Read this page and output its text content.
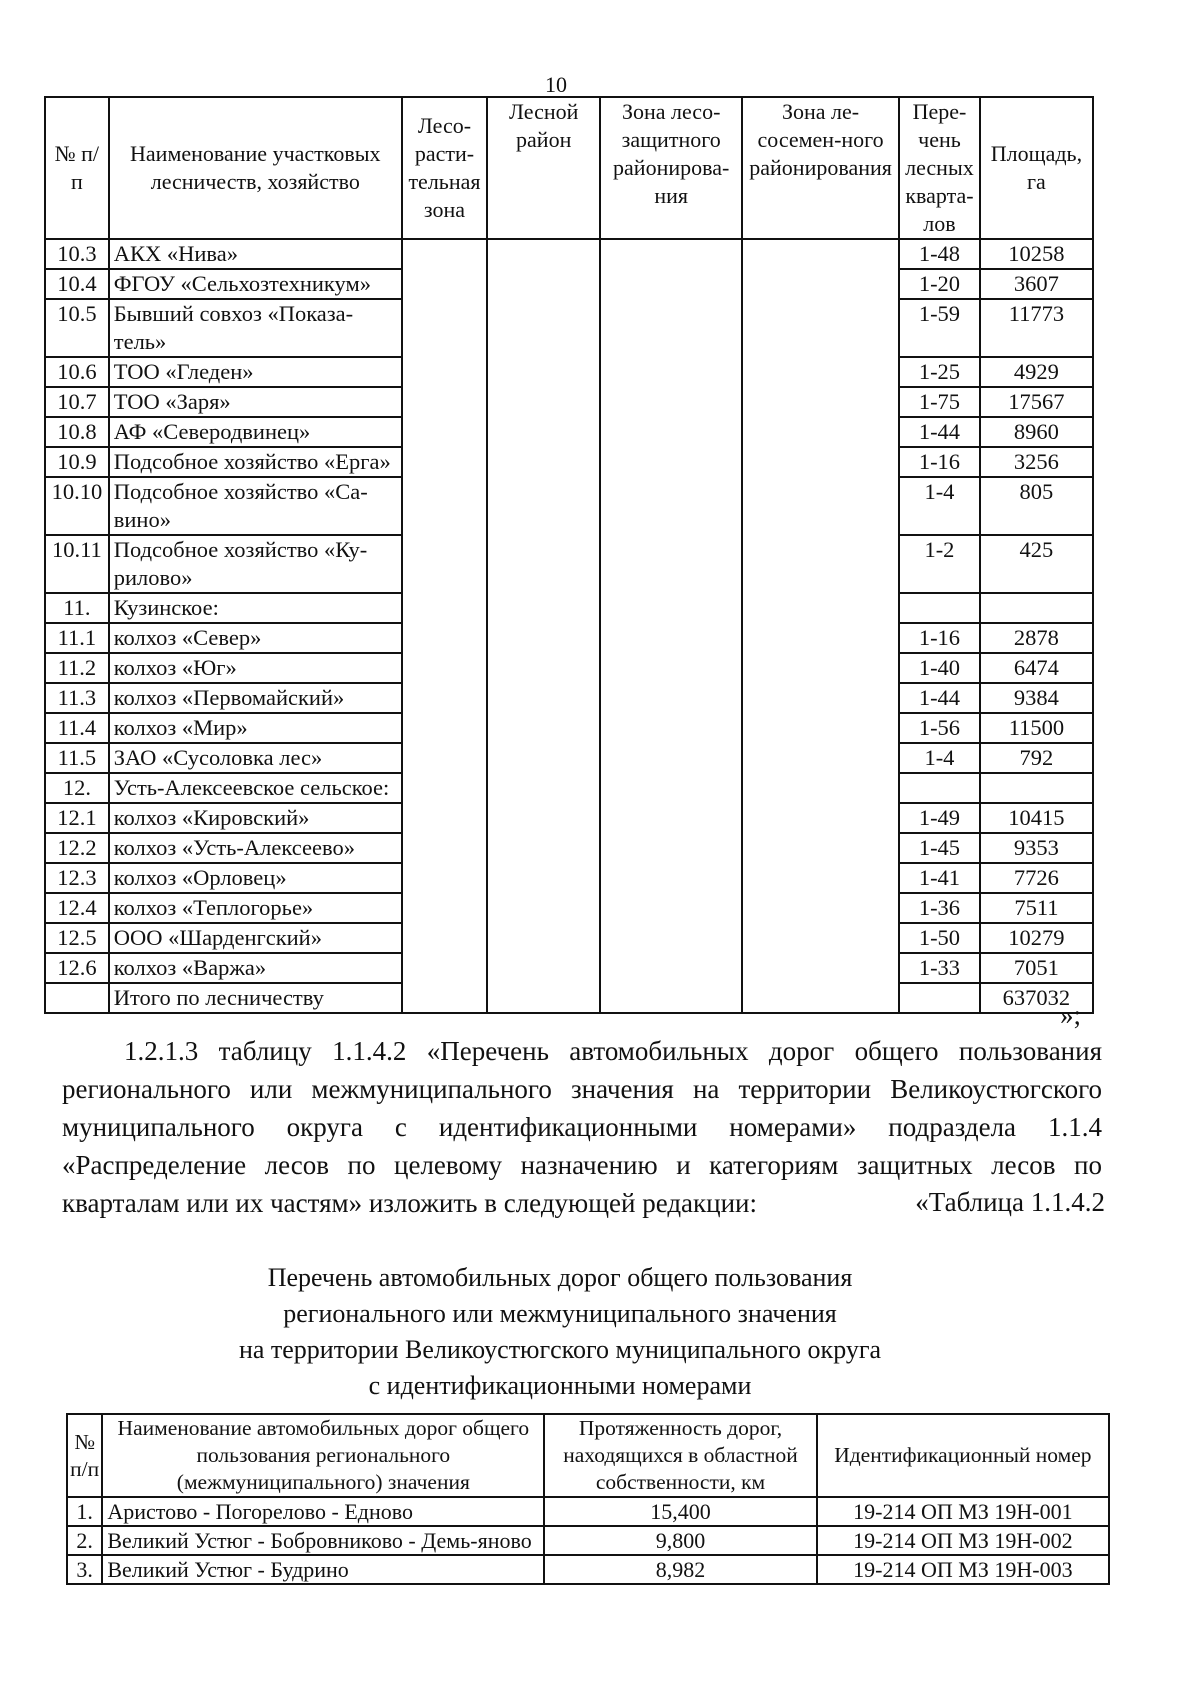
10
№ п/п	Наименование участковых лесничеств, хозяйство	Лесо-расти-тельная зона	Лесной район	Зона лесо-защитного районирова-ния	Зона ле-сосемен-ного районирования	Пере-чень лесных кварта-лов	Площадь, га
10.3	АКХ «Нива»					1-48	10258
10.4	ФГОУ «Сельхозтехникум»					1-20	3607
10.5	Бывший совхоз «Показа-тель»					1-59	11773
10.6	ТОО «Гледен»					1-25	4929
10.7	ТОО «Заря»					1-75	17567
10.8	АФ «Северодвинец»					1-44	8960
10.9	Подсобное хозяйство «Ерга»					1-16	3256
10.10	Подсобное хозяйство «Са-вино»					1-4	805
10.11	Подсобное хозяйство «Ку-рилово»					1-2	425
11.	Кузинское:						
11.1	колхоз «Север»					1-16	2878
11.2	колхоз «Юг»					1-40	6474
11.3	колхоз «Первомайский»					1-44	9384
11.4	колхоз «Мир»					1-56	11500
11.5	ЗАО «Сусоловка лес»					1-4	792
12.	Усть-Алексеевское сельское:						
12.1	колхоз «Кировский»					1-49	10415
12.2	колхоз «Усть-Алексеево»					1-45	9353
12.3	колхоз «Орловец»					1-41	7726
12.4	колхоз «Теплогорье»					1-36	7511
12.5	ООО «Шарденгский»					1-50	10279
12.6	колхоз «Варжа»					1-33	7051
	Итого по лесничеству						637032
»;

1.2.1.3 таблицу 1.1.4.2 «Перечень автомобильных дорог общего пользования регионального или межмуниципального значения на территории Великоустюгского муниципального округа с идентификационными номерами» подраздела 1.1.4 «Распределение лесов по целевому назначению и категориям защитных лесов по кварталам или их частям» изложить в следующей редакции:	«Таблица 1.1.4.2
Перечень автомобильных дорог общего пользования
регионального или межмуниципального значения
на территории Великоустюгского муниципального округа
с идентификационными номерами
№ п/п	Наименование автомобильных дорог общего пользования регионального (межмуниципального) значения	Протяженность дорог, находящихся в областной собственности, км	Идентификационный номер
1.	Аристово - Погорелово - Едново	15,400	19-214 ОП МЗ 19Н-001
2.	Великий Устюг - Бобровниково - Демь-яново	9,800	19-214 ОП МЗ 19Н-002
3.	Великий Устюг - Будрино	8,982	19-214 ОП МЗ 19Н-003
